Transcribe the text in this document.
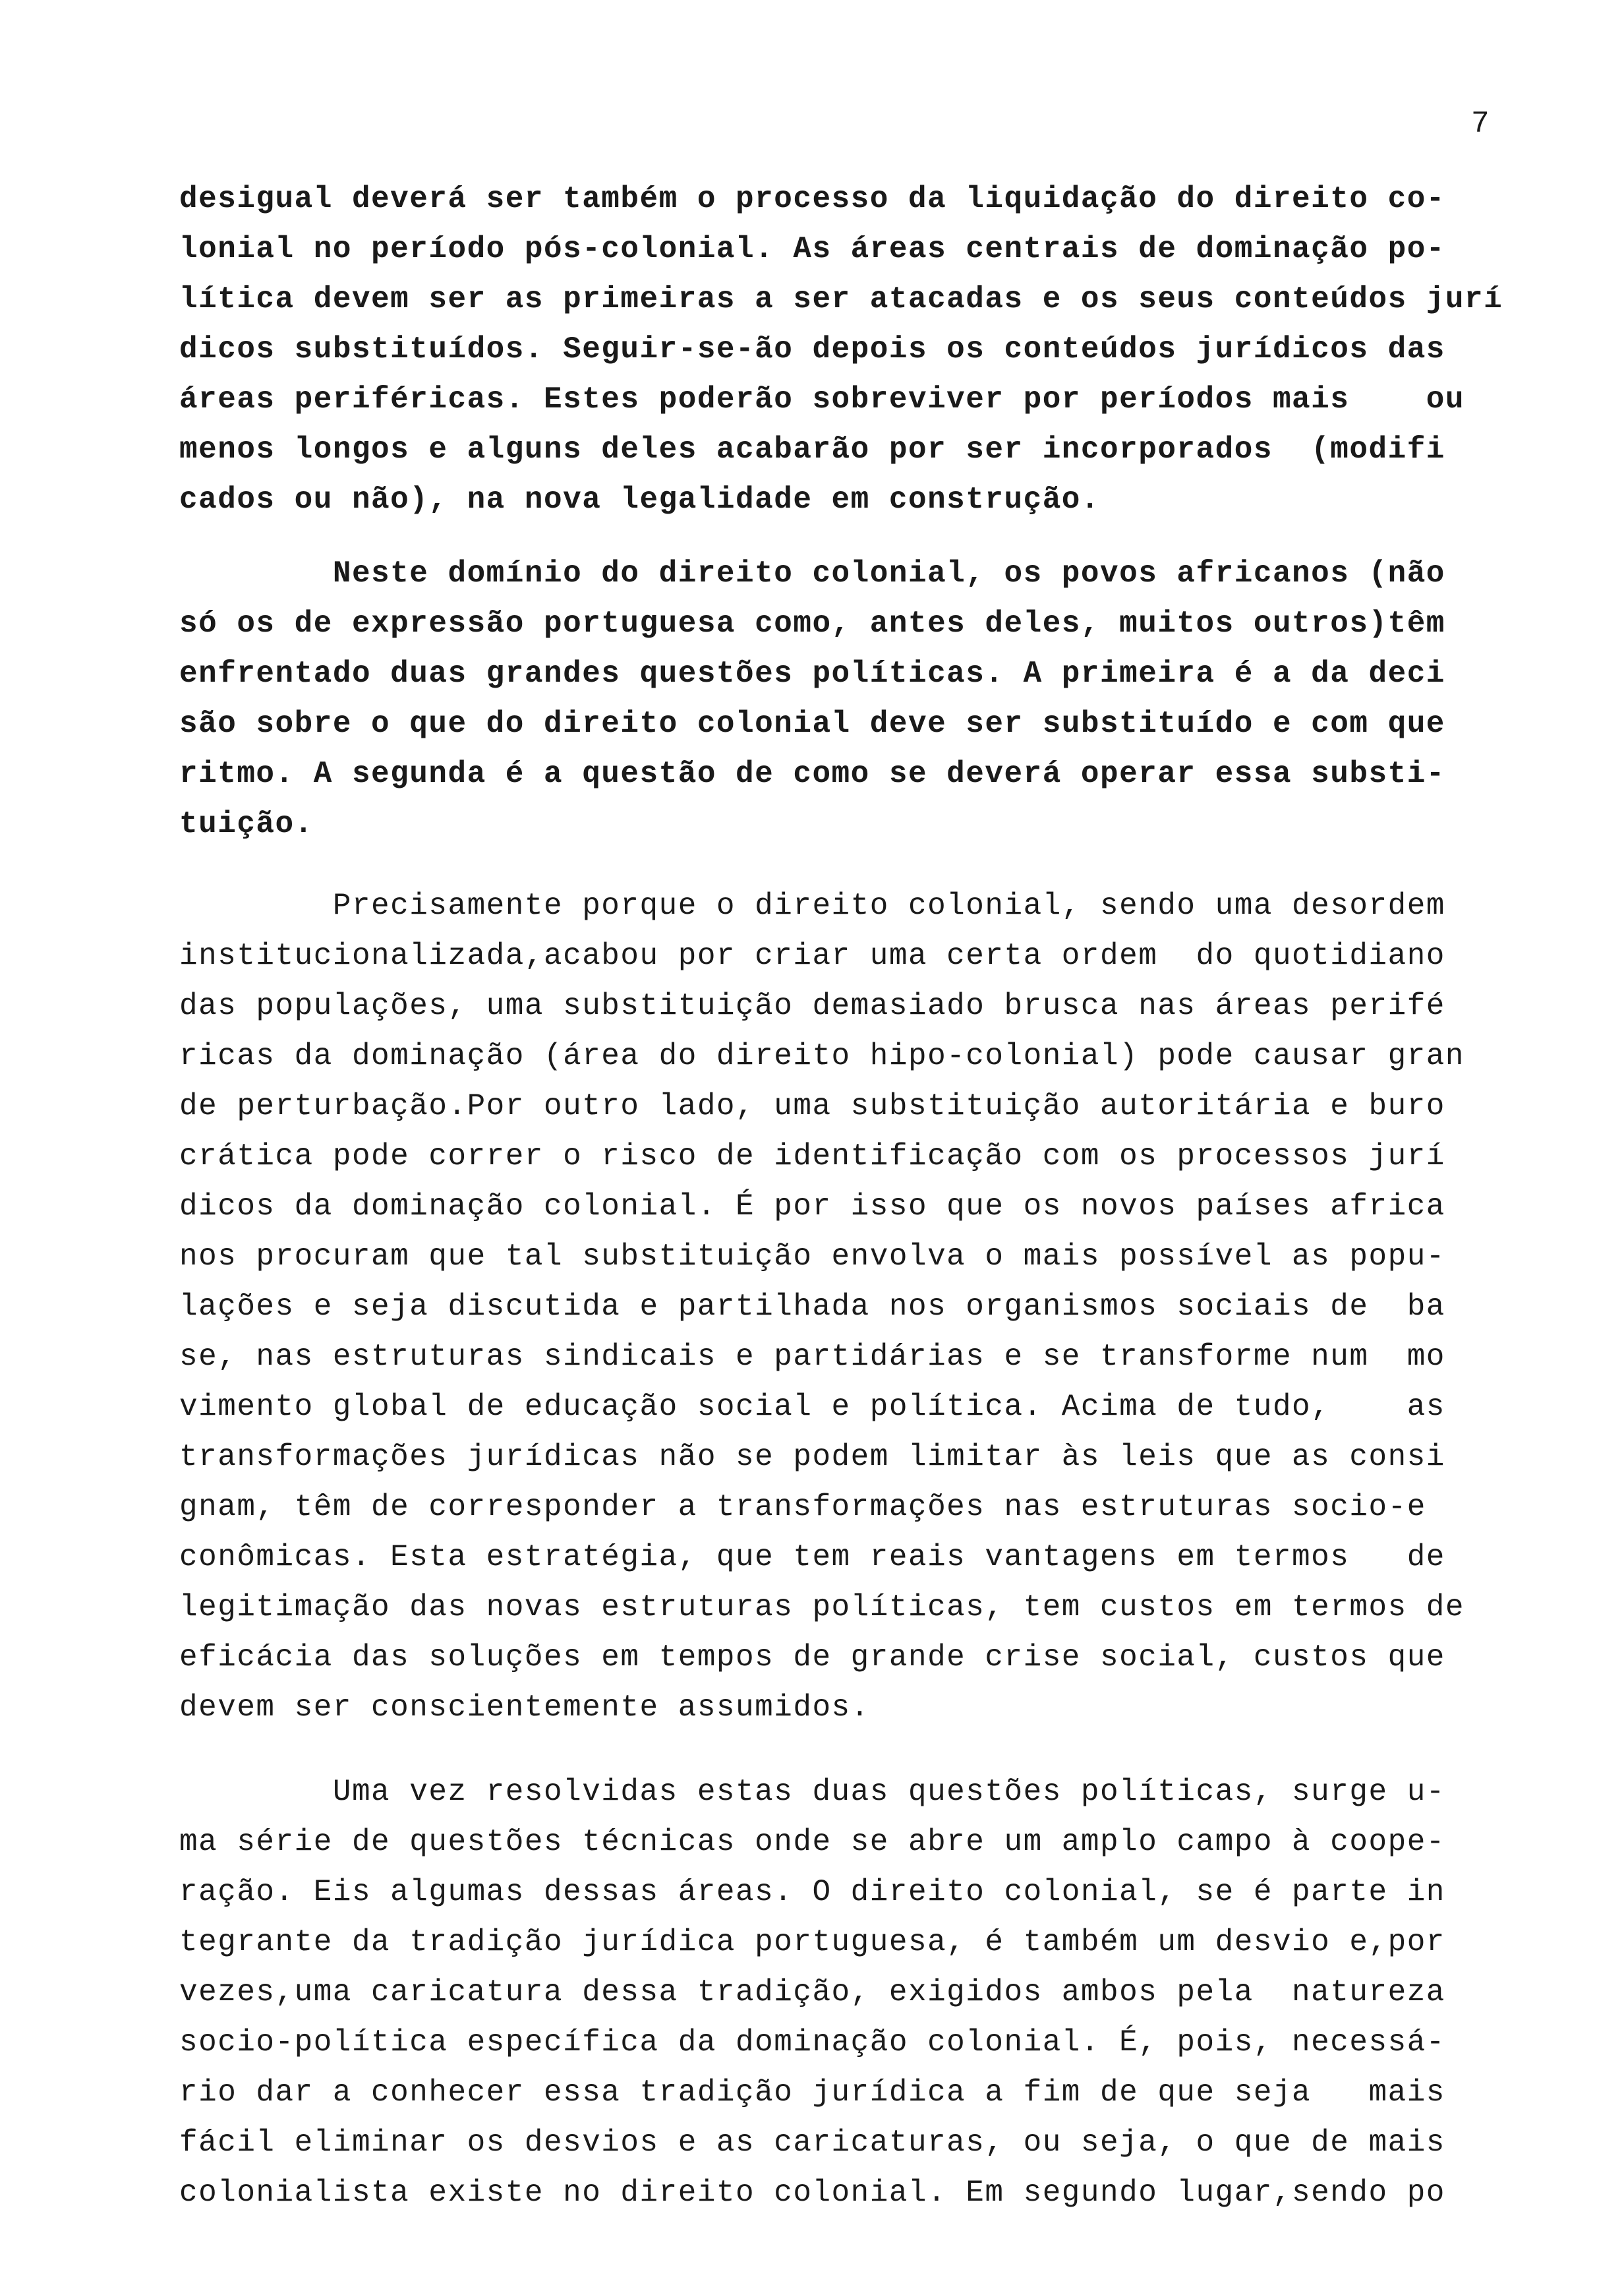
7
desigual deverá ser também o processo da liquidação do direito co-
lonial no período pós-colonial. As áreas centrais de dominação po-
lítica devem ser as primeiras a ser atacadas e os seus conteúdos jurí
dicos substituídos. Seguir-se-ão depois os conteúdos jurídicos das
áreas periféricas. Estes poderão sobreviver por períodos mais    ou
menos longos e alguns deles acabarão por ser incorporados  (modifi
cados ou não), na nova legalidade em construção.
Neste domínio do direito colonial, os povos africanos (não
só os de expressão portuguesa como, antes deles, muitos outros)têm
enfrentado duas grandes questões políticas. A primeira é a da deci
são sobre o que do direito colonial deve ser substituído e com que
ritmo. A segunda é a questão de como se deverá operar essa substi-
tuição.
Precisamente porque o direito colonial, sendo uma desordem
institucionalizada,acabou por criar uma certa ordem  do quotidiano
das populações, uma substituição demasiado brusca nas áreas perifé
ricas da dominação (área do direito hipo-colonial) pode causar gran
de perturbação.Por outro lado, uma substituição autoritária e buro
crática pode correr o risco de identificação com os processos jurí
dicos da dominação colonial. É por isso que os novos países africa
nos procuram que tal substituição envolva o mais possível as popu-
lações e seja discutida e partilhada nos organismos sociais de  ba
se, nas estruturas sindicais e partidárias e se transforme num  mo
vimento global de educação social e política. Acima de tudo,    as
transformações jurídicas não se podem limitar às leis que as consi
gnam, têm de corresponder a transformações nas estruturas socio-e
conômicas. Esta estratégia, que tem reais vantagens em termos   de
legitimação das novas estruturas políticas, tem custos em termos de
eficácia das soluções em tempos de grande crise social, custos que
devem ser conscientemente assumidos.
Uma vez resolvidas estas duas questões políticas, surge u-
ma série de questões técnicas onde se abre um amplo campo à coope-
ração. Eis algumas dessas áreas. O direito colonial, se é parte in
tegrante da tradição jurídica portuguesa, é também um desvio e,por
vezes,uma caricatura dessa tradição, exigidos ambos pela  natureza
socio-política específica da dominação colonial. É, pois, necessá-
rio dar a conhecer essa tradição jurídica a fim de que seja   mais
fácil eliminar os desvios e as caricaturas, ou seja, o que de mais
colonialista existe no direito colonial. Em segundo lugar,sendo po
